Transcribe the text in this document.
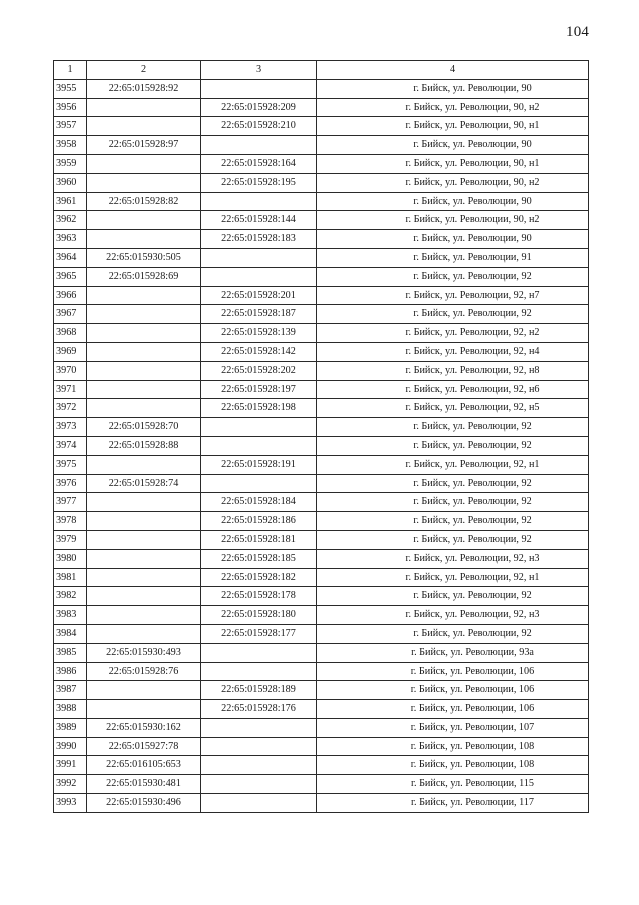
104
1	2	3	4
3955	22:65:015928:92		г. Бийск, ул. Революции, 90
3956		22:65:015928:209	г. Бийск, ул. Революции, 90, н2
3957		22:65:015928:210	г. Бийск, ул. Революции, 90, н1
3958	22:65:015928:97		г. Бийск, ул. Революции, 90
3959		22:65:015928:164	г. Бийск, ул. Революции, 90, н1
3960		22:65:015928:195	г. Бийск, ул. Революции, 90, н2
3961	22:65:015928:82		г. Бийск, ул. Революции, 90
3962		22:65:015928:144	г. Бийск, ул. Революции, 90, н2
3963		22:65:015928:183	г. Бийск, ул. Революции, 90
3964	22:65:015930:505		г. Бийск, ул. Революции, 91
3965	22:65:015928:69		г. Бийск, ул. Революции, 92
3966		22:65:015928:201	г. Бийск, ул. Революции, 92, н7
3967		22:65:015928:187	г. Бийск, ул. Революции, 92
3968		22:65:015928:139	г. Бийск, ул. Революции, 92, н2
3969		22:65:015928:142	г. Бийск, ул. Революции, 92, н4
3970		22:65:015928:202	г. Бийск, ул. Революции, 92, н8
3971		22:65:015928:197	г. Бийск, ул. Революции, 92, н6
3972		22:65:015928:198	г. Бийск, ул. Революции, 92, н5
3973	22:65:015928:70		г. Бийск, ул. Революции, 92
3974	22:65:015928:88		г. Бийск, ул. Революции, 92
3975		22:65:015928:191	г. Бийск, ул. Революции, 92, н1
3976	22:65:015928:74		г. Бийск, ул. Революции, 92
3977		22:65:015928:184	г. Бийск, ул. Революции, 92
3978		22:65:015928:186	г. Бийск, ул. Революции, 92
3979		22:65:015928:181	г. Бийск, ул. Революции, 92
3980		22:65:015928:185	г. Бийск, ул. Революции, 92, н3
3981		22:65:015928:182	г. Бийск, ул. Революции, 92, н1
3982		22:65:015928:178	г. Бийск, ул. Революции, 92
3983		22:65:015928:180	г. Бийск, ул. Революции, 92, н3
3984		22:65:015928:177	г. Бийск, ул. Революции, 92
3985	22:65:015930:493		г. Бийск, ул. Революции, 93а
3986	22:65:015928:76		г. Бийск, ул. Революции, 106
3987		22:65:015928:189	г. Бийск, ул. Революции, 106
3988		22:65:015928:176	г. Бийск, ул. Революции, 106
3989	22:65:015930:162		г. Бийск, ул. Революции, 107
3990	22:65:015927:78		г. Бийск, ул. Революции, 108
3991	22:65:016105:653		г. Бийск, ул. Революции, 108
3992	22:65:015930:481		г. Бийск, ул. Революции, 115
3993	22:65:015930:496		г. Бийск, ул. Революции, 117
